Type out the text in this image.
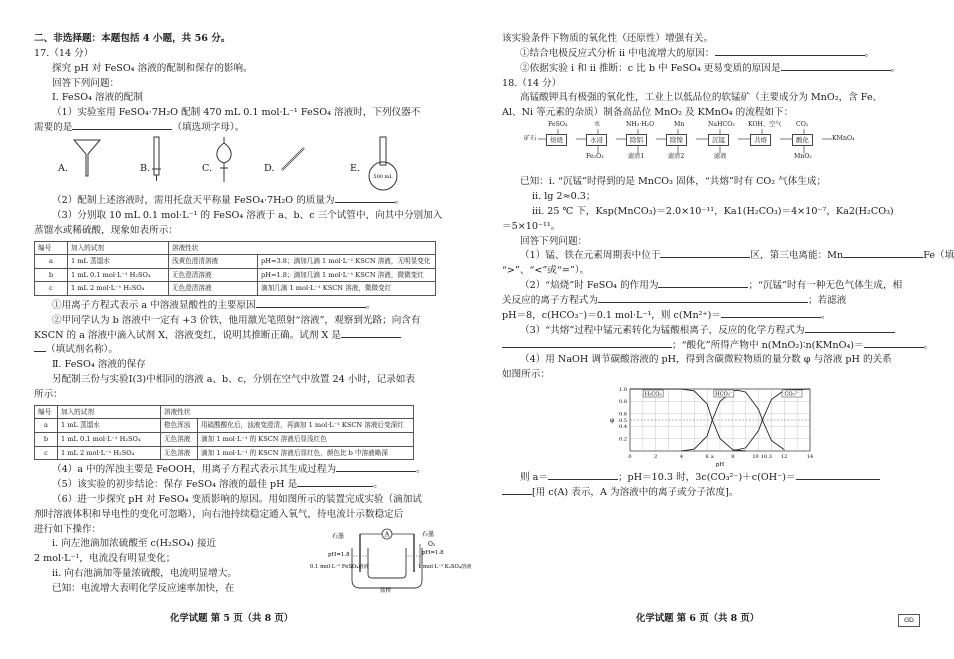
二、非选择题：本题包括 4 小题，共 56 分。

17.（14 分）

探究 pH 对 FeSO₄ 溶液的配制和保存的影响。

回答下列问题：

Ⅰ. FeSO₄ 溶液的配制

（1）实验室用 FeSO₄·7H₂O 配制 470 mL 0.1 mol·L⁻¹ FeSO₄ 溶液时，下列仪器不

需要的是	（填选项字母）。

A.	B.	C.	D.	E.
500 mL

（2）配制上述溶液时，需用托盘天平称量 FeSO₄·7H₂O 的质量为	。

（3）分别取 10 mL 0.1 mol·L⁻¹ 的 FeSO₄ 溶液于 a、b、c 三个试管中，向其中分别加入

蒸馏水或稀硫酸，现象如表所示：

编号	加入的试剂	溶液性状	
a	1 mL 蒸馏水	浅黄色澄清溶液	pH=3.8；滴加几滴 1 mol·L⁻¹ KSCN 溶液，无明显变化
b	1 mL 0.1 mol·L⁻¹ H₂SO₄	无色澄清溶液	pH=1.8；滴加几滴 1 mol·L⁻¹ KSCN 溶液，微微变红
c	1 mL 2 mol·L⁻¹ H₂SO₄	无色澄清溶液	滴加几滴 1 mol·L⁻¹ KSCN 溶液，微微变红

①用离子方程式表示 a 中溶液显酸性的主要原因	。

②甲同学认为 b 溶液中一定有 +3 价铁，他用激光笔照射“溶液”，观察到光路；向含有

KSCN 的 a 溶液中滴入试剂 X，溶液变红，说明其推断正确。试剂 X 是

（填试剂名称）。

Ⅱ. FeSO₄ 溶液的保存

另配制三份与实验Ⅰ(3)中相同的溶液 a、b、c，分别在空气中放置 24 小时，记录如表

所示：

编号	加入的试剂	溶液性状	
a	1 mL 蒸馏水	橙色浑浊	用硫酸酸化后，浊液变澄清，再滴加 1 mol·L⁻¹ KSCN 溶液后变深红
b	1 mL 0.1 mol·L⁻¹ H₂SO₄	无色溶液	滴加 1 mol·L⁻¹ 的 KSCN 溶液后显浅红色
c	1 mL 2 mol·L⁻¹ H₂SO₄	无色溶液	滴加 1 mol·L⁻¹ 的 KSCN 溶液后显红色，颜色比 b 中溶液略深

（4）a 中的浑浊主要是 FeOOH，用离子方程式表示其生成过程为	。

（5）该实验的初步结论：保存 FeSO₄ 溶液的最佳 pH 是	。

（6）进一步探究 pH 对 FeSO₄ 变质影响的原因。用如图所示的装置完成实验（滴加试

剂时溶液体积和导电性的变化可忽略），向右池持续稳定通入氧气，待电流计示数稳定后

进行如下操作：

ⅰ. 向左池滴加浓硫酸至 c(H₂SO₄) 接近

2 mol·L⁻¹，电流没有明显变化；

ⅱ. 向右池滴加等量浓硫酸，电流明显增大。

已知：电流增大表明化学反应速率加快，在

A
石墨	石墨
O₂
pH=1.8	pH=1.8
0.1 mol·L⁻¹ FeSO₄溶液	1 mol·L⁻¹ K₂SO₄溶液
盐桥
化学试题 第 5 页（共 8 页）

该实验条件下物质的氧化性（还原性）增强有关。

①结合电极反应式分析 ii 中电流增大的原因：	。

②依据实验 i 和 ii 推断：c 比 b 中 FeSO₄ 更易变质的原因是	。

18.（14 分）

高锰酸钾具有极强的氧化性，工业上以低品位的软锰矿（主要成分为 MnO₂，含 Fe、

Al、Ni 等元素的杂质）制备高品位 MnO₂ 及 KMnO₄ 的流程如下：

矿石	焙烧	水浸	除铝	除镍	沉锰	共熔	酸化	KMnO₄
FeSO₄	水	NH₃·H₂O	Mn	NaHCO₃ KOH、空气 CO₂
Fe₂O₃	滤渣1	滤渣2	滤液	MnO₂

已知：ⅰ. “沉锰”时得到的是 MnCO₃ 固体，“共熔”时有 CO₂ 气体生成；

ⅱ. lg 2≈0.3；

ⅲ. 25 ℃ 下，Ksp(MnCO₃)＝2.0×10⁻¹¹，Ka1(H₂CO₃)＝4×10⁻⁷，Ka2(H₂CO₃)

＝5×10⁻¹¹。

回答下列问题：

（1）锰、铁在元素周期表中位于	区，第三电离能：Mn	Fe（填

“>”、“<”或“=”）。

（2）“焙烧”时 FeSO₄ 的作用为	；“沉锰”时有一种无色气体生成，相

关反应的离子方程式为	；若滤液

pH＝8，c(HCO₃⁻)＝0.1 mol·L⁻¹，则 c(Mn²⁺)＝	。

（3）“共熔”过程中锰元素转化为锰酸根离子，反应的化学方程式为

；“酸化”所得产物中 n(MnO₂)∶n(KMnO₄)＝	。

（4）用 NaOH 调节碳酸溶液的 pH，得到含碳微粒物质的量分数 φ 与溶液 pH 的关系

如图所示：

0	2	4	6 a	8	10 10.3 12	14
pH
0.2
0.4
0.5
0.6
0.8
1.0
φ
H₂CO₃	HCO₃⁻	CO₃²⁻

则 a＝	；pH＝10.3 时，3c(CO₃²⁻)＋c(OH⁻)＝

[用 c(A) 表示，A 为溶液中的离子或分子浓度]。

化学试题 第 6 页（共 8 页）	GD
